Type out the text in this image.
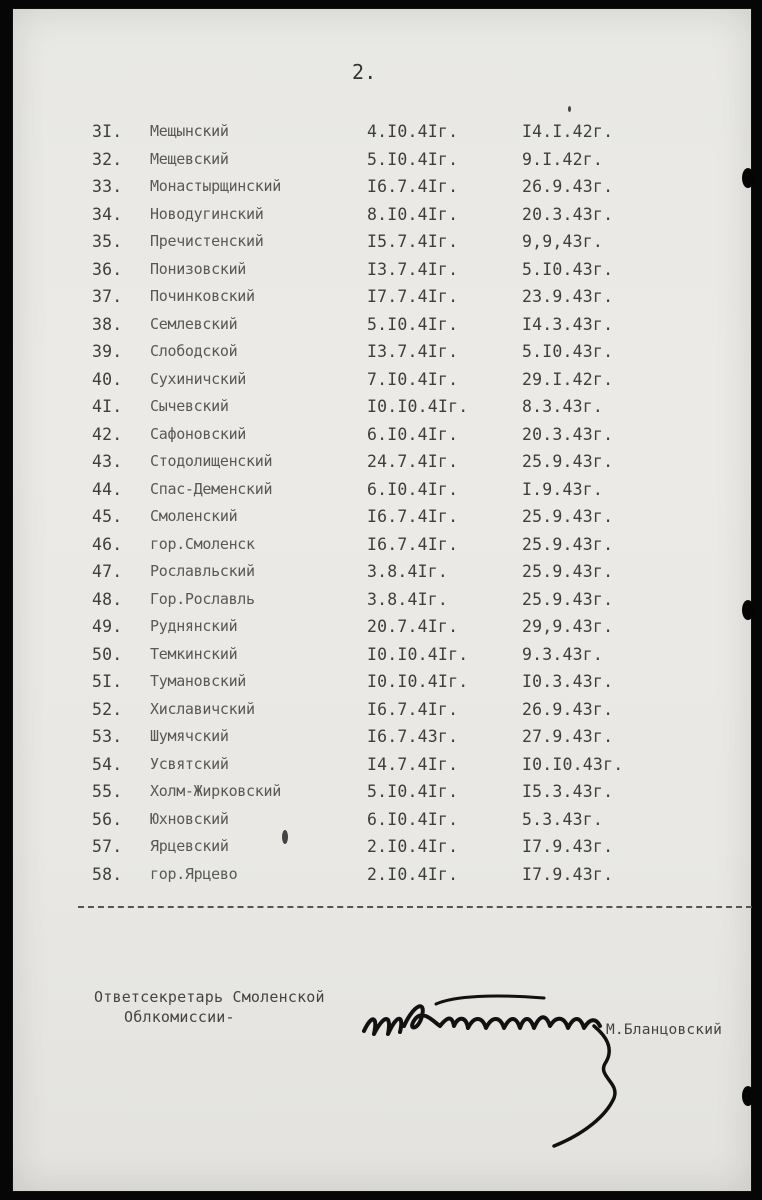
2.
3I. Мещынский	4.I0.4Iг.	I4.I.42г.
32. Мещевский	5.I0.4Iг.	9.I.42г.
33. Монастырщинский	I6.7.4Iг.	26.9.43г.
34. Новодугинский	8.I0.4Iг.	20.3.43г.
35. Пречистенский	I5.7.4Iг.	9,9,43г.
36. Понизовский	I3.7.4Iг.	5.I0.43г.
37. Починковский	I7.7.4Iг.	23.9.43г.
38. Семлевский	5.I0.4Iг.	I4.3.43г.
39. Слободской	I3.7.4Iг.	5.I0.43г.
40. Сухиничский	7.I0.4Iг.	29.I.42г.
4I. Сычевский	I0.I0.4Iг.	8.3.43г.
42. Сафоновский	6.I0.4Iг.	20.3.43г.
43. Стодолищенский	24.7.4Iг.	25.9.43г.
44. Спас-Деменский	6.I0.4Iг.	I.9.43г.
45. Смоленский	I6.7.4Iг.	25.9.43г.
46. гор.Смоленск	I6.7.4Iг.	25.9.43г.
47. Рославльский	3.8.4Iг.	25.9.43г.
48. Гор.Рославль	3.8.4Iг.	25.9.43г.
49. Руднянский	20.7.4Iг.	29,9.43г.
50. Темкинский	I0.I0.4Iг.	9.3.43г.
5I. Тумановский	I0.I0.4Iг.	I0.3.43г.
52. Хиславичский	I6.7.4Iг.	26.9.43г.
53. Шумячский	I6.7.43г.	27.9.43г.
54. Усвятский	I4.7.4Iг.	I0.I0.43г.
55. Холм-Жирковский	5.I0.4Iг.	I5.3.43г.
56. Юхновский	6.I0.4Iг.	5.3.43г.
57. Ярцевский	2.I0.4Iг.	I7.9.43г.
58. гор.Ярцево	2.I0.4Iг.	I7.9.43г.
Ответсекретарь Смоленской
Облкомиссии-
М.Бланцовский
